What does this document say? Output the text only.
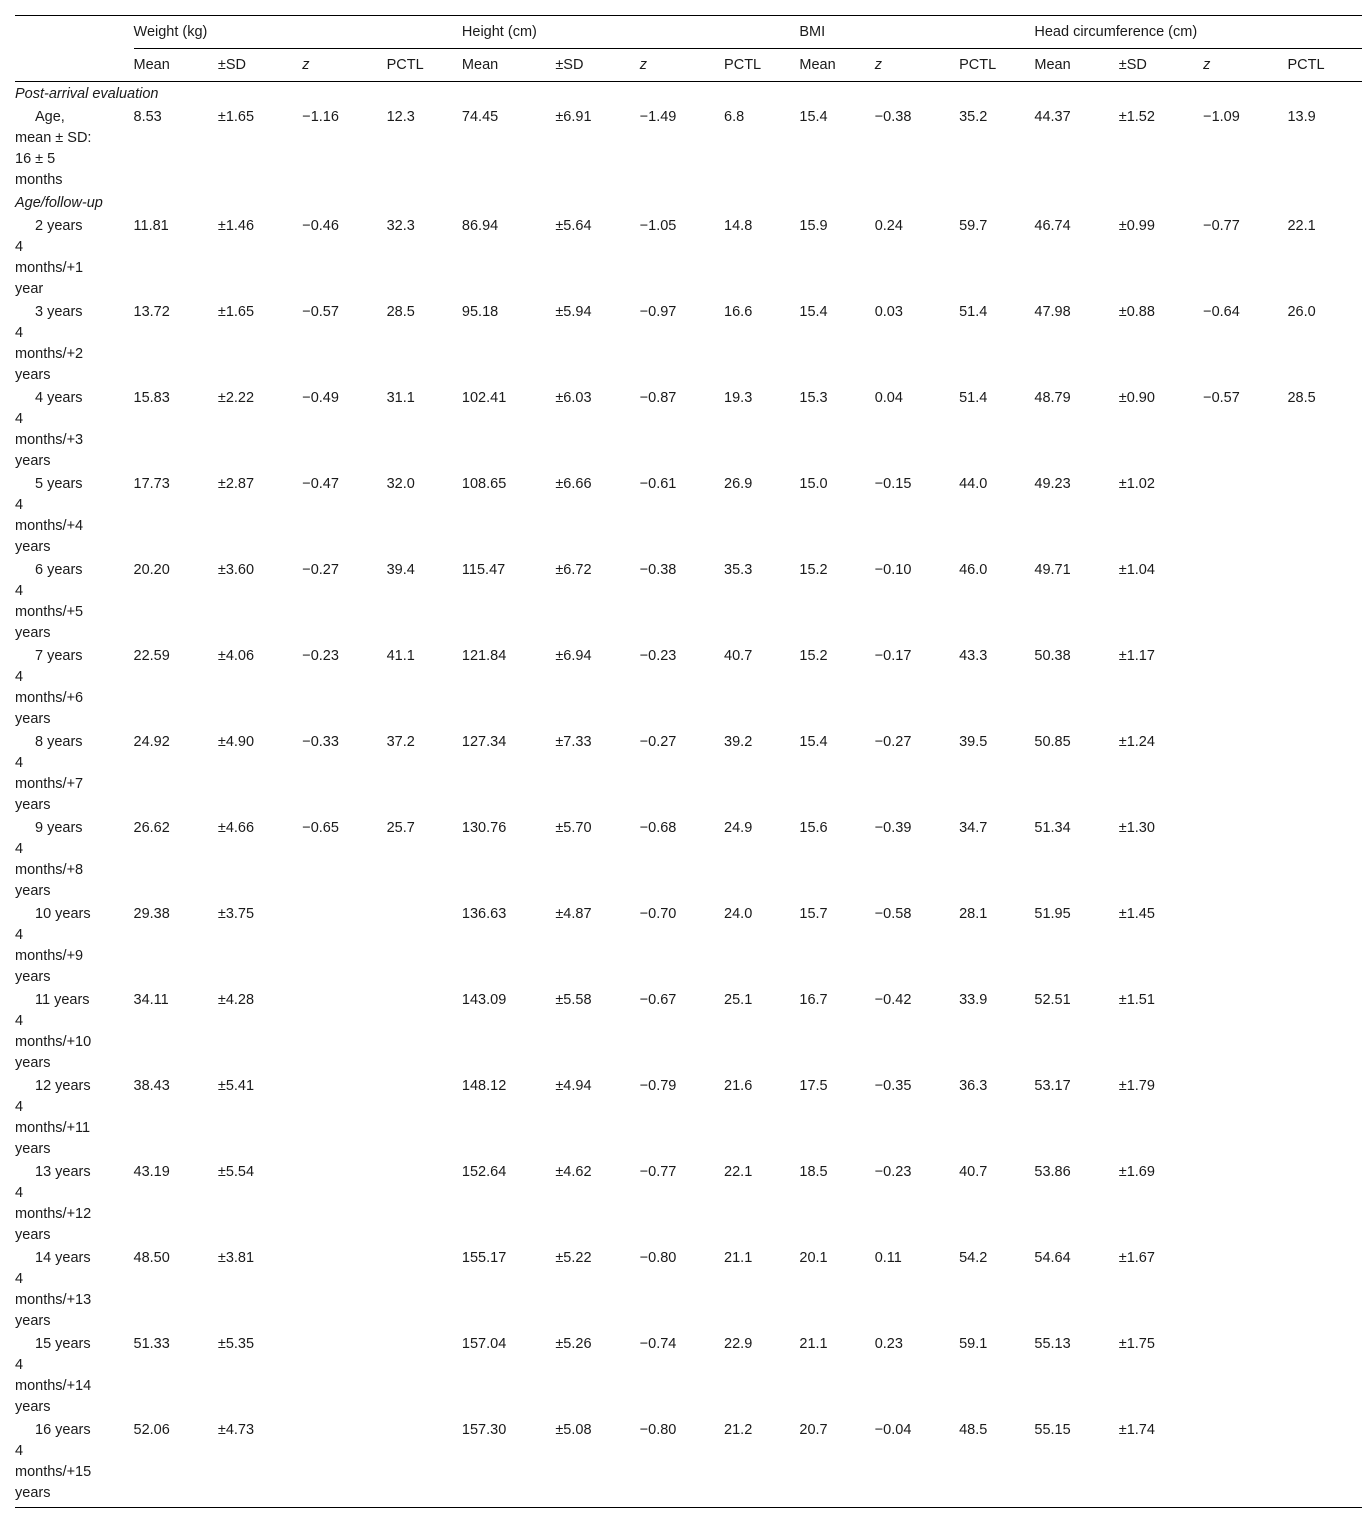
	Weight (kg)				Height (cm)				BMI			Head circumference (cm)			
	Mean	±SD	z	PCTL	Mean	±SD	z	PCTL	Mean	z	PCTL	Mean	±SD	z	PCTL
Post-arrival evaluation															
Age,
mean ± SD:
16 ± 5
months	8.53	±1.65	−1.16	12.3	74.45	±6.91	−1.49	6.8	15.4	−0.38	35.2	44.37	±1.52	−1.09	13.9
Age/follow-up															
2 years
4
months/+1
year	11.81	±1.46	−0.46	32.3	86.94	±5.64	−1.05	14.8	15.9	0.24	59.7	46.74	±0.99	−0.77	22.1
3 years
4
months/+2
years	13.72	±1.65	−0.57	28.5	95.18	±5.94	−0.97	16.6	15.4	0.03	51.4	47.98	±0.88	−0.64	26.0
4 years
4
months/+3
years	15.83	±2.22	−0.49	31.1	102.41	±6.03	−0.87	19.3	15.3	0.04	51.4	48.79	±0.90	−0.57	28.5
5 years
4
months/+4
years	17.73	±2.87	−0.47	32.0	108.65	±6.66	−0.61	26.9	15.0	−0.15	44.0	49.23	±1.02		
6 years
4
months/+5
years	20.20	±3.60	−0.27	39.4	115.47	±6.72	−0.38	35.3	15.2	−0.10	46.0	49.71	±1.04		
7 years
4
months/+6
years	22.59	±4.06	−0.23	41.1	121.84	±6.94	−0.23	40.7	15.2	−0.17	43.3	50.38	±1.17		
8 years
4
months/+7
years	24.92	±4.90	−0.33	37.2	127.34	±7.33	−0.27	39.2	15.4	−0.27	39.5	50.85	±1.24		
9 years
4
months/+8
years	26.62	±4.66	−0.65	25.7	130.76	±5.70	−0.68	24.9	15.6	−0.39	34.7	51.34	±1.30		
10 years
4
months/+9
years	29.38	±3.75			136.63	±4.87	−0.70	24.0	15.7	−0.58	28.1	51.95	±1.45		
11 years
4
months/+10
years	34.11	±4.28			143.09	±5.58	−0.67	25.1	16.7	−0.42	33.9	52.51	±1.51		
12 years
4
months/+11
years	38.43	±5.41			148.12	±4.94	−0.79	21.6	17.5	−0.35	36.3	53.17	±1.79		
13 years
4
months/+12
years	43.19	±5.54			152.64	±4.62	−0.77	22.1	18.5	−0.23	40.7	53.86	±1.69		
14 years
4
months/+13
years	48.50	±3.81			155.17	±5.22	−0.80	21.1	20.1	0.11	54.2	54.64	±1.67		
15 years
4
months/+14
years	51.33	±5.35			157.04	±5.26	−0.74	22.9	21.1	0.23	59.1	55.13	±1.75		
16 years
4
months/+15
years	52.06	±4.73			157.30	±5.08	−0.80	21.2	20.7	−0.04	48.5	55.15	±1.74		
